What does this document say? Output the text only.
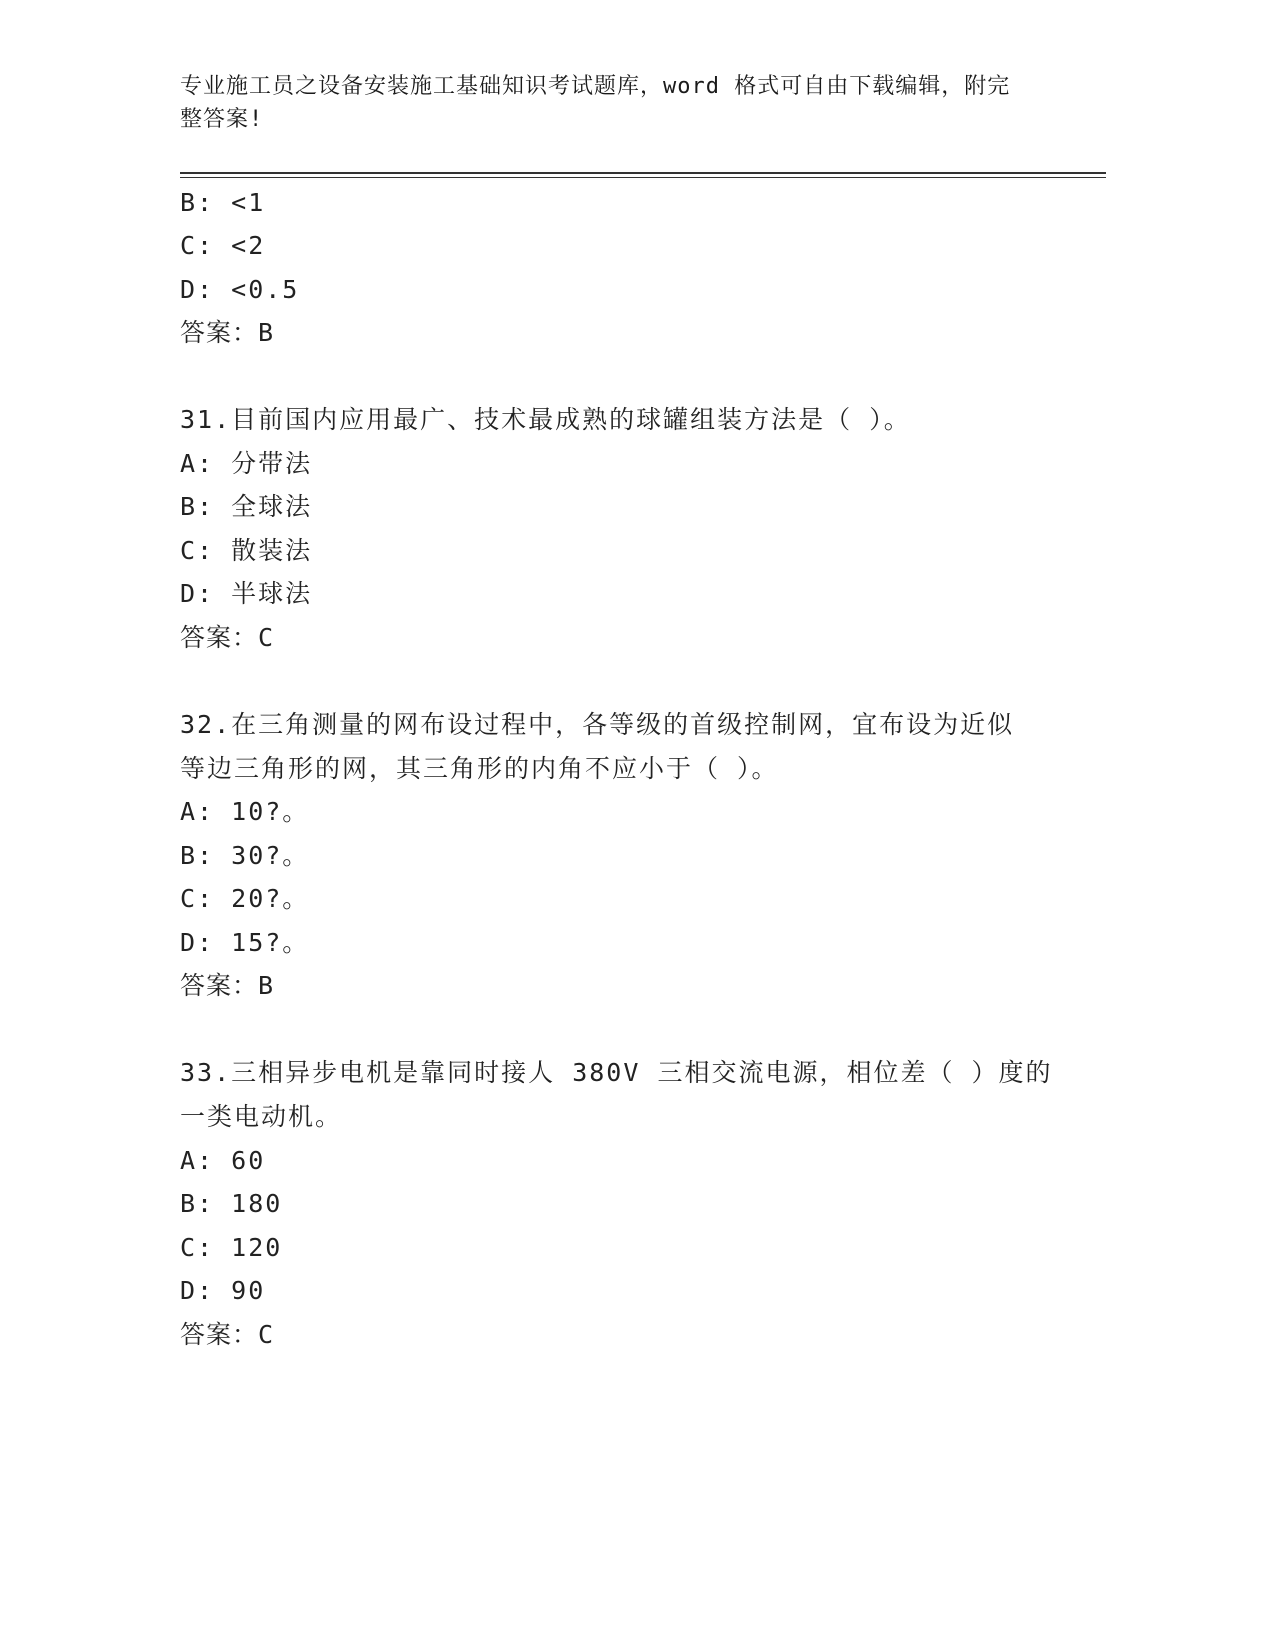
专业施工员之设备安装施工基础知识考试题库，word 格式可自由下载编辑，附完
整答案!
B: <1
C: <2
D: <0.5
答案：B
31.目前国内应用最广、技术最成熟的球罐组装方法是（ ）。
A: 分带法
B: 全球法
C: 散装法
D: 半球法
答案：C
32.在三角测量的网布设过程中，各等级的首级控制网，宜布设为近似
等边三角形的网，其三角形的内角不应小于（ ）。
A: 10?。
B: 30?。
C: 20?。
D: 15?。
答案：B
33.三相异步电机是靠同时接人 380V 三相交流电源，相位差（ ）度的
一类电动机。
A: 60
B: 180
C: 120
D: 90
答案：C
